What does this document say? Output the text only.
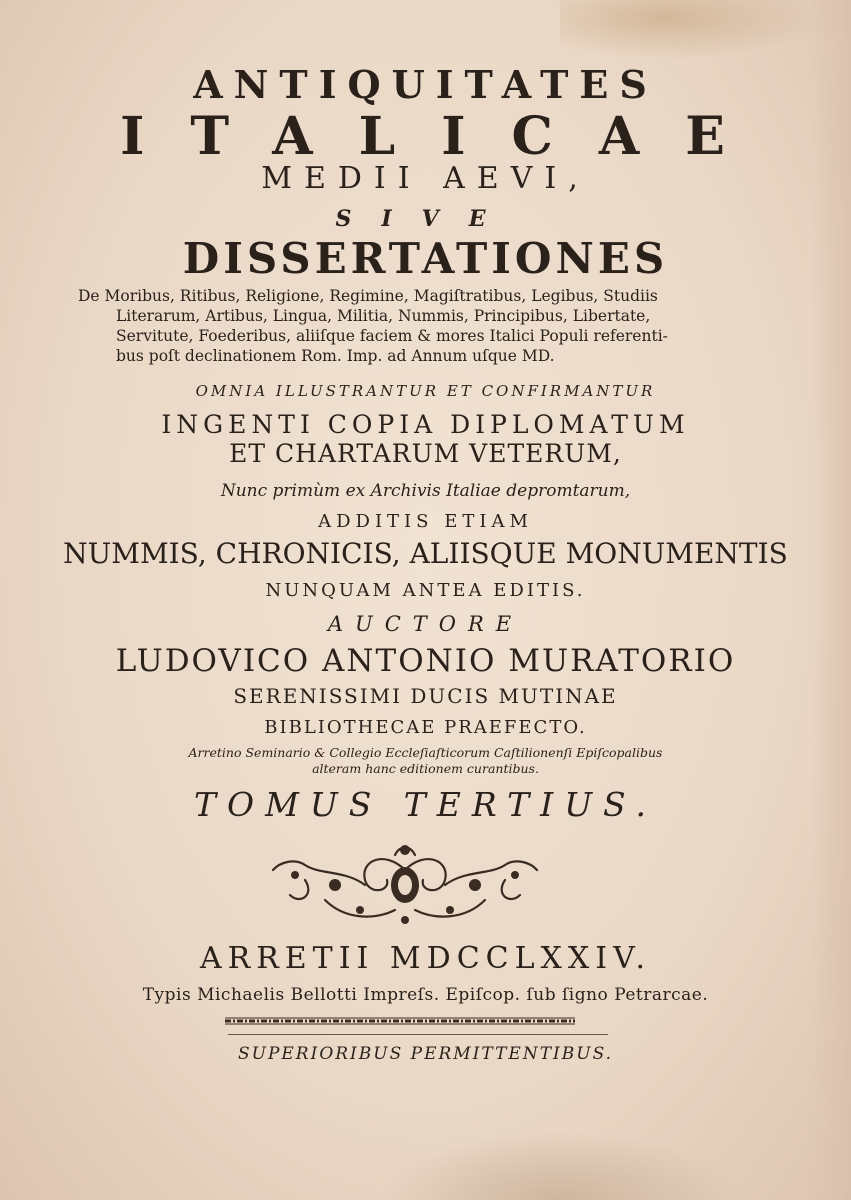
ANTIQUITATES
ITALICAE
MEDII AEVI,
SIVE
DISSERTATIONES

De Moribus, Ritibus, Religione, Regimine, Magiſtratibus, Legibus, Studiis

Literarum, Artibus, Lingua, Militia, Nummis, Principibus, Libertate,

Servitute, Foederibus, aliiſque faciem & mores Italici Populi referenti-

bus poſt declinationem Rom. Imp. ad Annum uſque MD.

OMNIA ILLUSTRANTUR ET CONFIRMANTUR
INGENTI COPIA DIPLOMATUM
ET CHARTARUM VETERUM,
Nunc primùm ex Archivis Italiae depromtarum,
ADDITIS ETIAM
NUMMIS, CHRONICIS, ALIISQUE MONUMENTIS
NUNQUAM ANTEA EDITIS.
AUCTORE
LUDOVICO ANTONIO MURATORIO
SERENISSIMI DUCIS MUTINAE
BIBLIOTHECAE PRAEFECTO.
Arretino Seminario & Collegio Eccleſiaſticorum Caſtilionenſi Epiſcopalibus
alteram hanc editionem curantibus.
TOMUS TERTIUS.
ARRETII MDCCLXXIV.
Typis Michaelis Bellotti Impreſs. Epiſcop. ſub ſigno Petrarcae.
SUPERIORIBUS PERMITTENTIBUS.
